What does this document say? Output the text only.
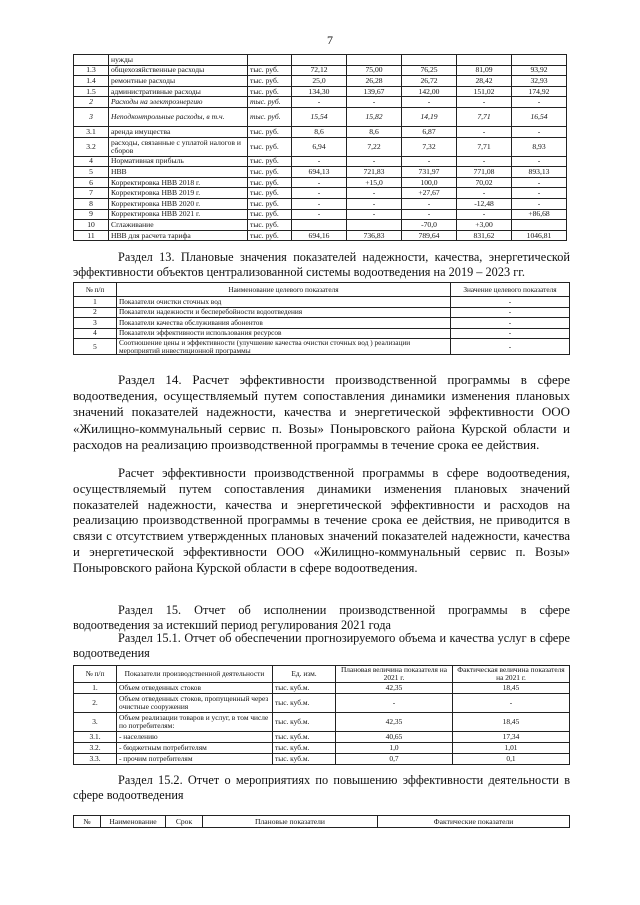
7
	нужды						
1.3	общехозяйственные расходы	тыс. руб.	72,12	75,00	76,25	81,09	93,92
1.4	ремонтные расходы	тыс. руб.	25,0	26,28	26,72	28,42	32,93
1.5	административные расходы	тыс. руб.	134,30	139,67	142,00	151,02	174,92
2	Расходы на электроэнергию	тыс. руб.	-	-	-	-	-
3	Неподконтрольные расходы, в т.ч.	тыс. руб.	15,54	15,82	14,19	7,71	16,54
3.1	аренда имущества	тыс. руб.	8,6	8,6	6,87	-	-
3.2	расходы, связанные с уплатой налогов и сборов	тыс. руб.	6,94	7,22	7,32	7,71	8,93
4	Нормативная прибыль	тыс. руб.	-	-	-	-	-
5	НВВ	тыс. руб.	694,13	721,83	731,97	771,08	893,13
6	Корректировка НВВ 2018 г.	тыс. руб.	-	+15,0	100,0	70,02	-
7	Корректировка НВВ 2019 г.	тыс. руб.	-	-	+27,67	-	-
8	Корректировка НВВ 2020 г.	тыс. руб.	-	-	-	-12,48	-
9	Корректировка НВВ 2021 г.	тыс. руб.	-	-	-	-	+86,68
10	Сглаживание	тыс. руб.			-70,0	+3,00	
11	НВВ для расчета тарифа	тыс. руб.	694,16	736,83	789,64	831,62	1046,81
Раздел 13. Плановые значения показателей надежности, качества, энергетической эффективности объектов централизованной системы водоотведения на 2019 – 2023 гг.
№ п/п	Наименование целевого показателя	Значение целевого показателя
1	Показатели очистки сточных вод	-
2	Показатели надежности и бесперебойности водоотведения	-
3	Показатели качества обслуживания абонентов	-
4	Показатели эффективности использования ресурсов	-
5	Соотношение цены и эффективности (улучшение качества очистки сточных вод ) реализации мероприятий инвестиционной программы	-
Раздел 14. Расчет эффективности производственной программы в сфере водоотведения, осуществляемый путем сопоставления динамики изменения плановых значений показателей надежности, качества и энергетической эффективности ООО «Жилищно-коммунальный сервис п. Возы» Поныровского района Курской области и расходов на реализацию производственной программы в течение срока ее действия.
Расчет эффективности производственной программы в сфере водоотведения, осуществляемый путем сопоставления динамики изменения плановых значений показателей надежности, качества и энергетической эффективности и расходов на реализацию производственной программы в течение срока ее действия, не приводится в связи с отсутствием утвержденных плановых значений показателей надежности, качества и энергетической эффективности ООО «Жилищно-коммунальный сервис п. Возы» Поныровского района Курской области в сфере водоотведения.
Раздел 15. Отчет об исполнении производственной программы в сфере водоотведения за истекший период регулирования 2021 года
Раздел 15.1. Отчет об обеспечении прогнозируемого объема и качества услуг в сфере водоотведения
№ п/п	Показатели производственной деятельности	Ед. изм.	Плановая величина показателя на 2021 г.	Фактическая величина показателя на 2021 г.
1.	Объем отведенных стоков	тыс. куб.м.	42,35	18,45
2.	Объем отведенных стоков, пропущенный через очистные сооружения	тыс. куб.м.	-	-
3.	Объем реализации товаров и услуг, в том числе по потребителям:	тыс. куб.м.	42,35	18,45
3.1.	- населению	тыс. куб.м.	40,65	17,34
3.2.	- бюджетным потребителям	тыс. куб.м.	1,0	1,01
3.3.	- прочим потребителям	тыс. куб.м.	0,7	0,1
Раздел 15.2. Отчет о мероприятиях по повышению эффективности деятельности в сфере водоотведения
№	Наименование	Срок	Плановые показатели	Фактические показатели
